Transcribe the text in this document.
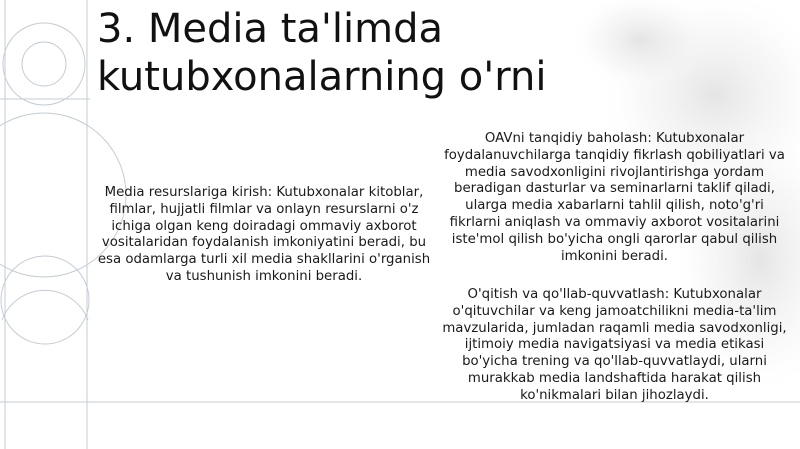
3. Media ta'limda kutubxonalarning o'rni

Media resurslariga kirish: Kutubxonalar kitoblar, filmlar, hujjatli filmlar va onlayn resurslarni o'z ichiga olgan keng doiradagi ommaviy axborot vositalaridan foydalanish imkoniyatini beradi, bu esa odamlarga turli xil media shakllarini o'rganish va tushunish imkonini beradi.

OAVni tanqidiy baholash: Kutubxonalar foydalanuvchilarga tanqidiy fikrlash qobiliyatlari va media savodxonligini rivojlantirishga yordam beradigan dasturlar va seminarlarni taklif qiladi, ularga media xabarlarni tahlil qilish, noto'g'ri fikrlarni aniqlash va ommaviy axborot vositalarini iste'mol qilish bo'yicha ongli qarorlar qabul qilish imkonini beradi.

O'qitish va qo'llab-quvvatlash: Kutubxonalar o'qituvchilar va keng jamoatchilikni media-ta'lim mavzularida, jumladan raqamli media savodxonligi, ijtimoiy media navigatsiyasi va media etikasi bo'yicha trening va qo'llab-quvvatlaydi, ularni murakkab media landshaftida harakat qilish ko'nikmalari bilan jihozlaydi.
